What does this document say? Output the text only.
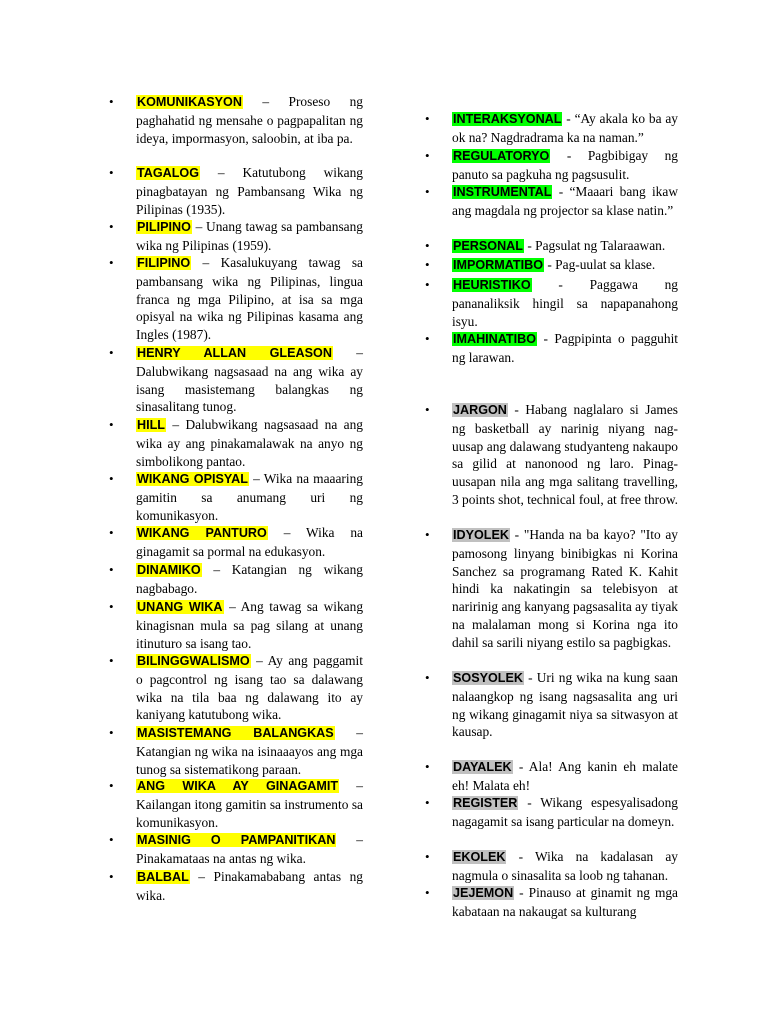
• KOMUNIKASYON – Proseso ng paghahatid ng mensahe o pagpapalitan ng ideya, impormasyon, saloobin, at iba pa.
• TAGALOG – Katutubong wikang pinagbatayan ng Pambansang Wika ng Pilipinas (1935).
• PILIPINO – Unang tawag sa pambansang wika ng Pilipinas (1959).
• FILIPINO – Kasalukuyang tawag sa pambansang wika ng Pilipinas, lingua franca ng mga Pilipino, at isa sa mga opisyal na wika ng Pilipinas kasama ang Ingles (1987).
• HENRY ALLAN GLEASON – Dalubwikang nagsasaad na ang wika ay isang masistemang balangkas ng sinasalitang tunog.
• HILL – Dalubwikang nagsasaad na ang wika ay ang pinakamalawak na anyo ng simbolikong pantao.
• WIKANG OPISYAL – Wika na maaaring gamitin sa anumang uri ng komunikasyon.
• WIKANG PANTURO – Wika na ginagamit sa pormal na edukasyon.
• DINAMIKO – Katangian ng wikang nagbabago.
• UNANG WIKA – Ang tawag sa wikang kinagisnan mula sa pag silang at unang itinuturo sa isang tao.
• BILINGGWALISMO – Ay ang paggamit o pagcontrol ng isang tao sa dalawang wika na tila baa ng dalawang ito ay kaniyang katutubong wika.
• MASISTEMANG BALANGKAS – Katangian ng wika na isinaaayos ang mga tunog sa sistematikong paraan.
• ANG WIKA AY GINAGAMIT – Kailangan itong gamitin sa instrumento sa komunikasyon.
• MASINIG O PAMPANITIKAN – Pinakamataas na antas ng wika.
• BALBAL – Pinakamababang antas ng wika.
• INTERAKSYONAL - “Ay akala ko ba ay ok na? Nagdradrama ka na naman.”
• REGULATORYO - Pagbibigay ng panuto sa pagkuha ng pagsusulit.
• INSTRUMENTAL - “Maaari bang ikaw ang magdala ng projector sa klase natin.”
• PERSONAL - Pagsulat ng Talaraawan.
• IMPORMATIBO - Pag-uulat sa klase.
• HEURISTIKO - Paggawa ng pananaliksik hingil sa napapanahong isyu.
• IMAHINATIBO - Pagpipinta o pagguhit ng larawan.
• JARGON - Habang naglalaro si James ng basketball ay narinig niyang nag-uusap ang dalawang studyanteng nakaupo sa gilid at nanonood ng laro. Pinag-uusapan nila ang mga salitang travelling, 3 points shot, technical foul, at free throw.
• IDYOLEK - "Handa na ba kayo? "Ito ay pamosong linyang binibigkas ni Korina Sanchez sa programang Rated K. Kahit hindi ka nakatingin sa telebisyon at naririnig ang kanyang pagsasalita ay tiyak na malalaman mong si Korina nga ito dahil sa sarili niyang estilo sa pagbigkas.
• SOSYOLEK - Uri ng wika na kung saan nalaangkop ng isang nagsasalita ang uri ng wikang ginagamit niya sa sitwasyon at kausap.
• DAYALEK - Ala! Ang kanin eh malate eh! Malata eh!
• REGISTER - Wikang espesyalisadong nagagamit sa isang particular na domeyn.
• EKOLEK - Wika na kadalasan ay nagmula o sinasalita sa loob ng tahanan.
• JEJEMON - Pinauso at ginamit ng mga kabataan na nakaugat sa kulturang
